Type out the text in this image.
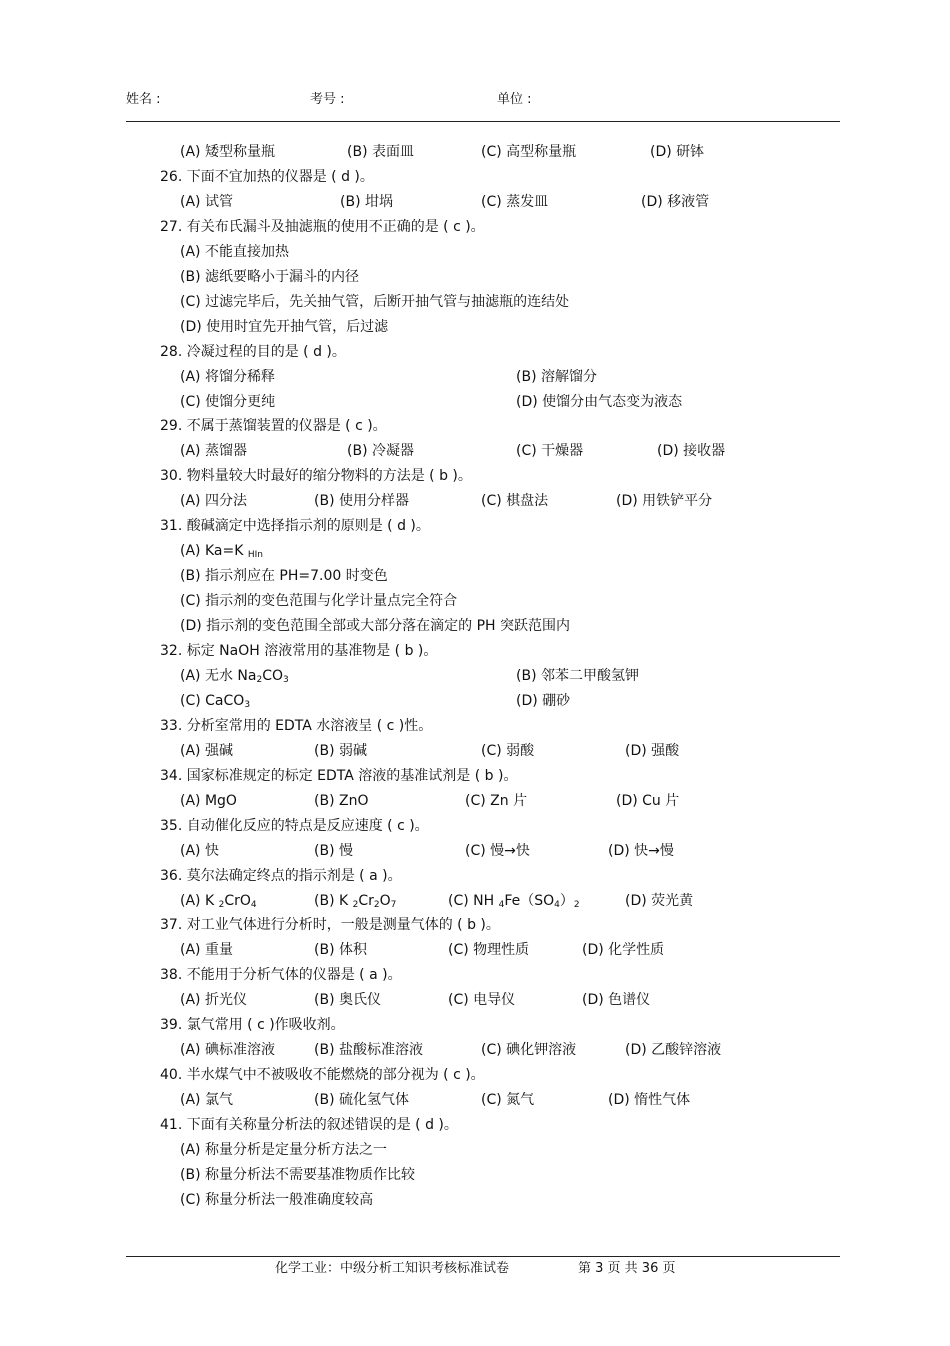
姓名 :	考号 :	单位 :
(A) 矮型称量瓶	(B) 表面皿	(C) 高型称量瓶	(D) 研钵
26. 下面不宜加热的仪器是 ( d )。
(A) 试管	(B) 坩埚	(C) 蒸发皿	(D) 移液管
27. 有关布氏漏斗及抽滤瓶的使用不正确的是 ( c )。
(A) 不能直接加热
(B) 滤纸要略小于漏斗的内径
(C) 过滤完毕后，先关抽气管，后断开抽气管与抽滤瓶的连结处
(D) 使用时宜先开抽气管，后过滤
28. 冷凝过程的目的是 ( d )。
(A) 将馏分稀释	(B) 溶解馏分
(C) 使馏分更纯	(D) 使馏分由气态变为液态
29. 不属于蒸馏装置的仪器是 ( c )。
(A) 蒸馏器	(B) 冷凝器	(C) 干燥器	(D) 接收器
30. 物料量较大时最好的缩分物料的方法是 ( b )。
(A) 四分法	(B) 使用分样器	(C) 棋盘法	(D) 用铁铲平分
31. 酸碱滴定中选择指示剂的原则是 ( d )。
(A) Ka=K $_{HIn}$
(B) 指示剂应在 PH=7.00 时变色
(C) 指示剂的变色范围与化学计量点完全符合
(D) 指示剂的变色范围全部或大部分落在滴定的 PH 突跃范围内
32. 标定 NaOH 溶液常用的基准物是 ( b )。
(A) 无水 $Na_2CO_3$	(B) 邻苯二甲酸氢钾
(C) CaCO$_3$	(D) 硼砂
33. 分析室常用的 EDTA 水溶液呈 ( c )性。
(A) 强碱	(B) 弱碱	(C) 弱酸	(D) 强酸
34. 国家标准规定的标定 EDTA 溶液的基准试剂是 ( b )。
(A) MgO	(B) ZnO	(C) Zn 片	(D) Cu 片
35. 自动催化反应的特点是反应速度 ( c )。
(A) 快	(B) 慢	(C) 慢→快	(D) 快→慢
36. 莫尔法确定终点的指示剂是 ( a )。
(A) K $_2$CrO$_4$	(B) K $_2Cr_2O_7$	(C) NH $_4Fe(SO_4)_2$	(D) 荧光黄
37. 对工业气体进行分析时，一般是测量气体的 ( b )。
(A) 重量	(B) 体积	(C) 物理性质	(D) 化学性质
38. 不能用于分析气体的仪器是 ( a )。
(A) 折光仪	(B) 奥氏仪	(C) 电导仪	(D) 色谱仪
39. 氯气常用 ( c )作吸收剂。
(A) 碘标准溶液	(B) 盐酸标准溶液	(C) 碘化钾溶液	(D) 乙酸锌溶液
40. 半水煤气中不被吸收不能燃烧的部分视为 ( c )。
(A) 氯气	(B) 硫化氢气体	(C) 氮气	(D) 惰性气体
41. 下面有关称量分析法的叙述错误的是 ( d )。
(A) 称量分析是定量分析方法之一
(B) 称量分析法不需要基准物质作比较
(C) 称量分析法一般准确度较高
化学工业：中级分析工知识考核标准试卷	第 3 页 共 36 页
